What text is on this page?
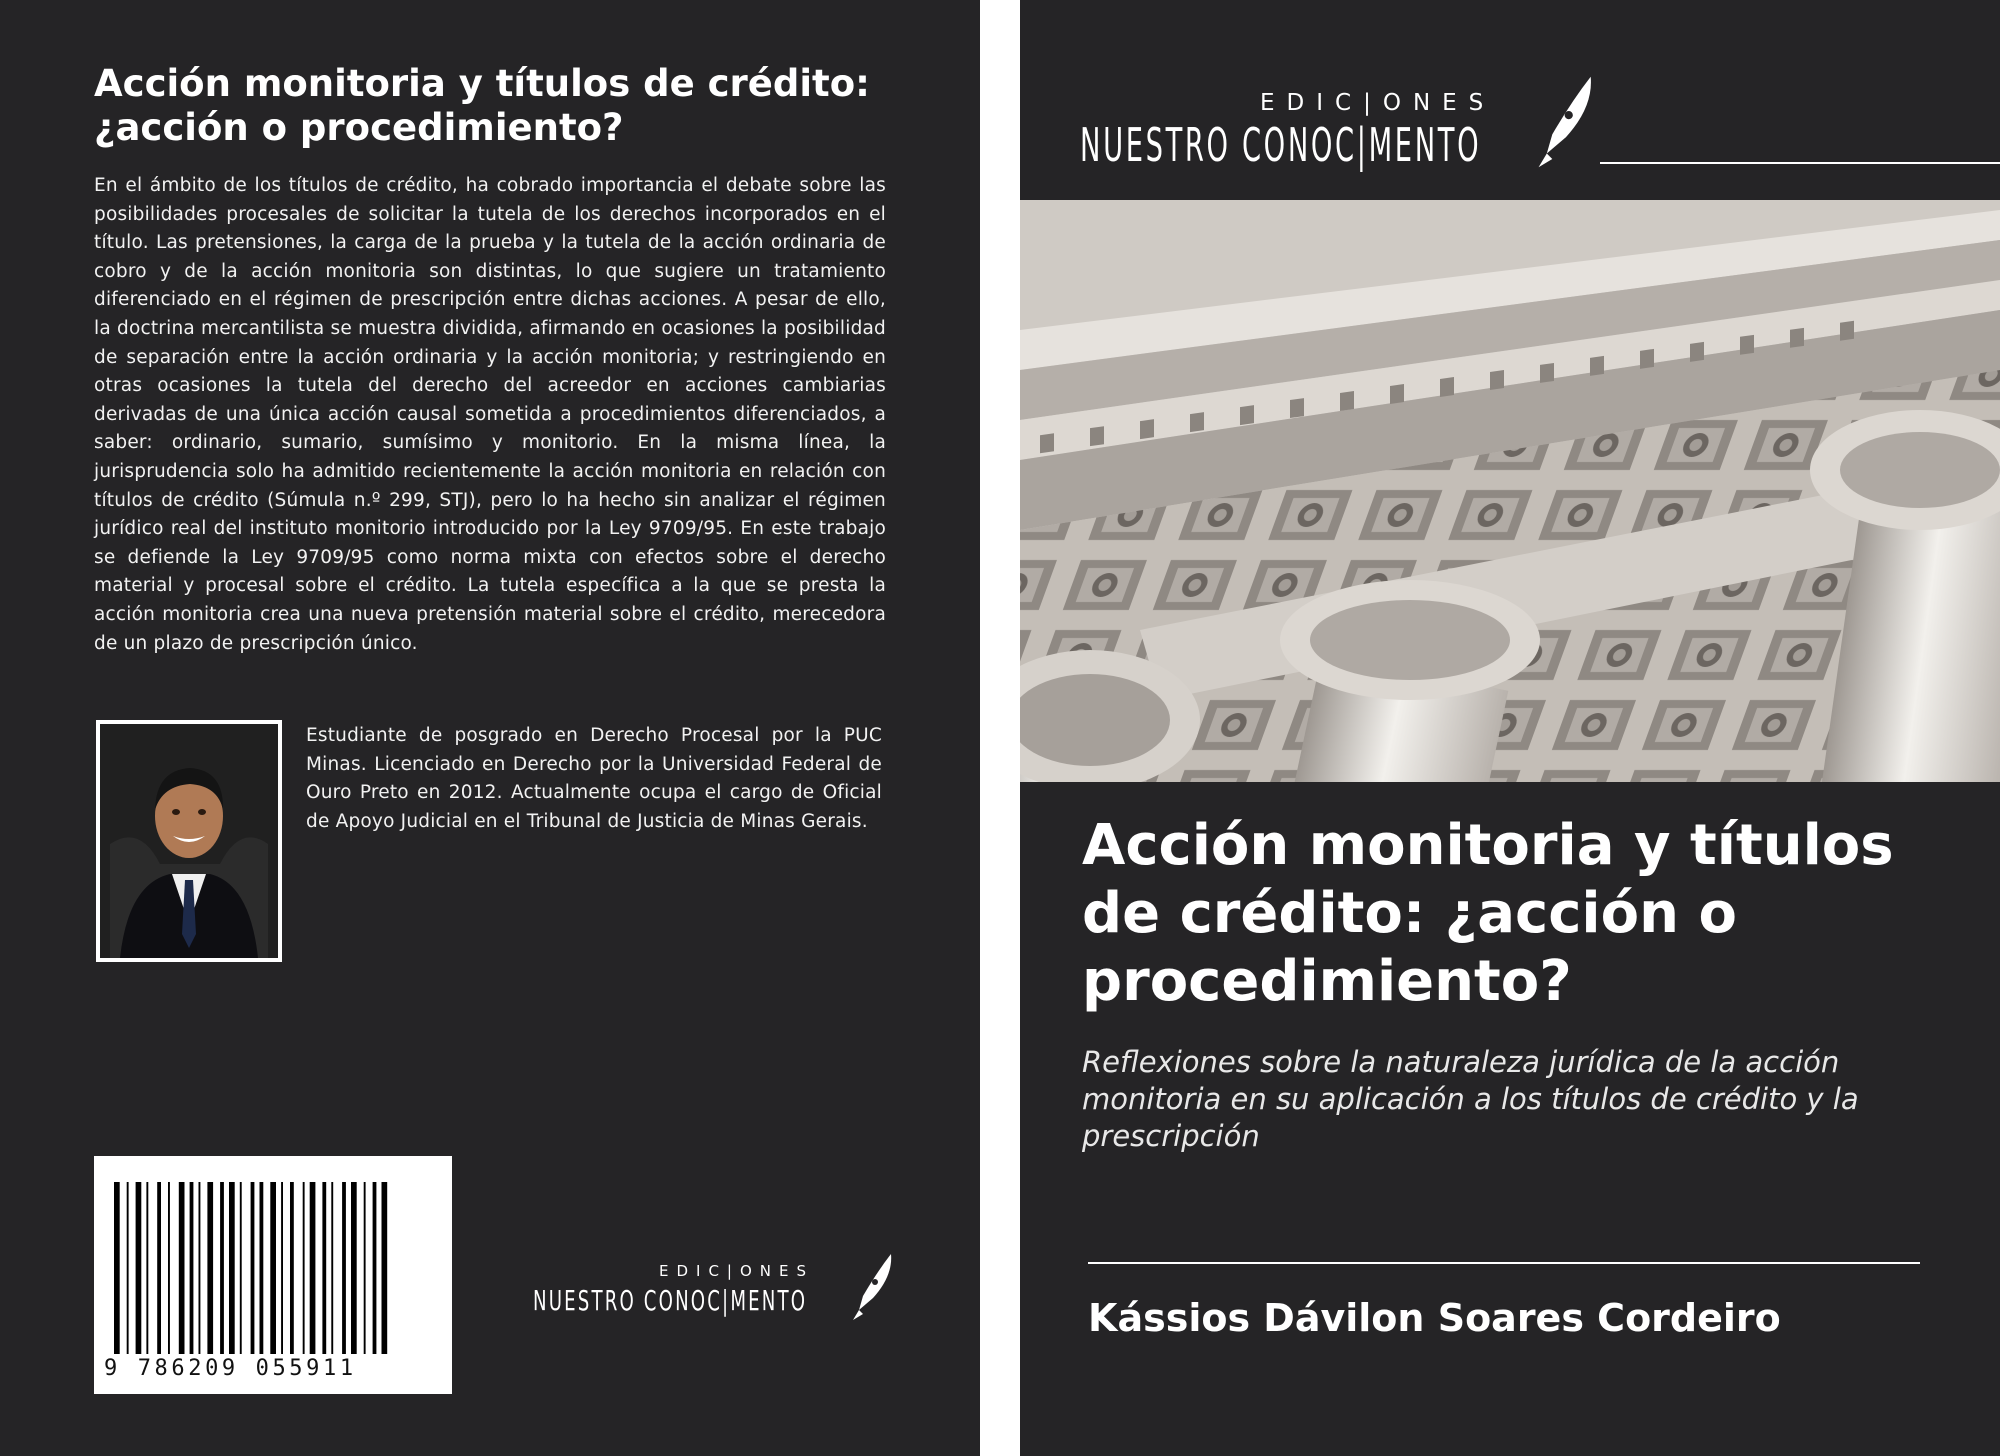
Acción monitoria y títulos de crédito: ¿acción o procedimiento?

En el ámbito de los títulos de crédito, ha cobrado importancia el debate sobre las posibilidades procesales de solicitar la tutela de los derechos incorporados en el título. Las pretensiones, la carga de la prueba y la tutela de la acción ordinaria de cobro y de la acción monitoria son distintas, lo que sugiere un tratamiento diferenciado en el régimen de prescripción entre dichas acciones. A pesar de ello, la doctrina mercantilista se muestra dividida, afirmando en ocasiones la posibilidad de separación entre la acción ordinaria y la acción monitoria; y restringiendo en otras ocasiones la tutela del derecho del acreedor en acciones cambiarias derivadas de una única acción causal sometida a procedimientos diferenciados, a saber: ordinario, sumario, sumísimo y monitorio. En la misma línea, la jurisprudencia solo ha admitido recientemente la acción monitoria en relación con títulos de crédito (Súmula n.º 299, STJ), pero lo ha hecho sin analizar el régimen jurídico real del instituto monitorio introducido por la Ley 9709/95. En este trabajo se defiende la Ley 9709/95 como norma mixta con efectos sobre el derecho material y procesal sobre el crédito. La tutela específica a la que se presta la acción monitoria crea una nueva pretensión material sobre el crédito, merecedora de un plazo de prescripción único.

Estudiante de posgrado en Derecho Procesal por la PUC Minas. Licenciado en Derecho por la Universidad Federal de Ouro Preto en 2012. Actualmente ocupa el cargo de Oficial de Apoyo Judicial en el Tribunal de Justicia de Minas Gerais.

9 786209 055911
EDIC|ONES
NUESTRO CONOC|MENTO
EDIC|ONES
NUESTRO CONOC|MENTO
Acción monitoria y títulos de crédito: ¿acción o procedimiento?

Reflexiones sobre la naturaleza jurídica de la acción monitoria en su aplicación a los títulos de crédito y la prescripción

Kássios Dávilon Soares Cordeiro
